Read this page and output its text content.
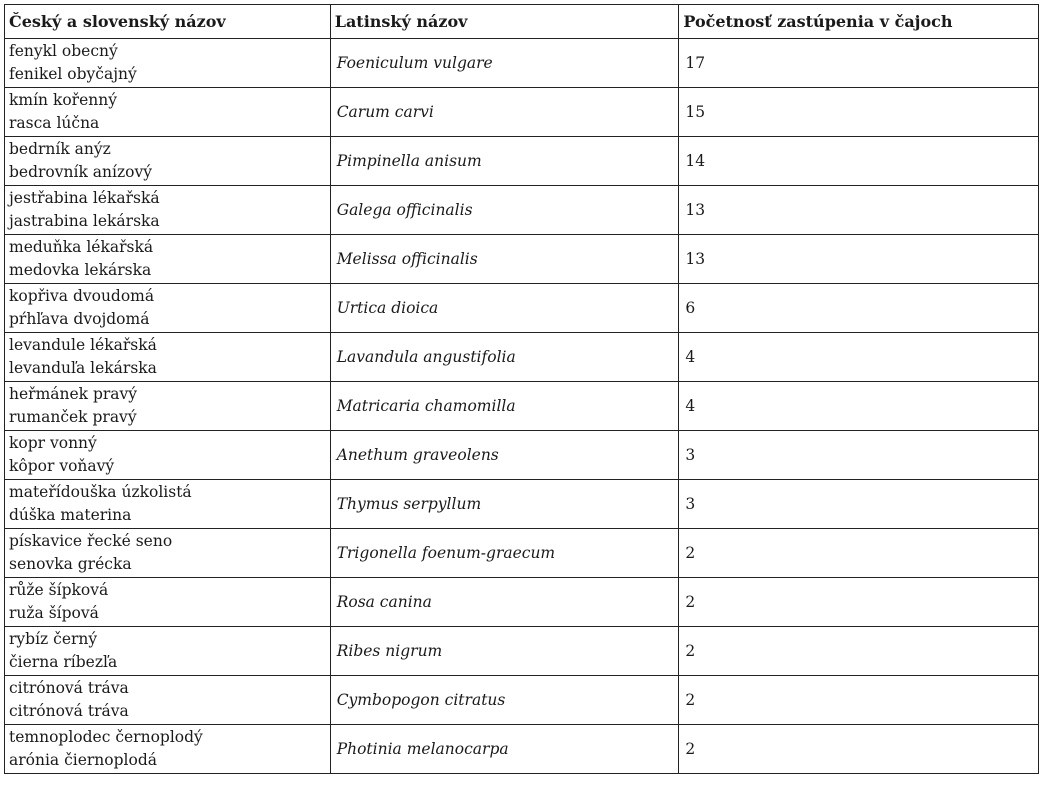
Český a slovenský názov	Latinský názov	Početnosť zastúpenia v čajoch

fenykl obecný
fenikel obyčajný	Foeniculum vulgare	17

kmín kořenný
rasca lúčna	Carum carvi	15

bedrník anýz
bedrovník anízový	Pimpinella anisum	14

jestřabina lékařská
jastrabina lekárska	Galega officinalis	13

meduňka lékařská
medovka lekárska	Melissa officinalis	13

kopřiva dvoudomá
pŕhľava dvojdomá	Urtica dioica	6

levandule lékařská
levanduľa lekárska	Lavandula angustifolia	4

heřmánek pravý
rumanček pravý	Matricaria chamomilla	4

kopr vonný
kôpor voňavý	Anethum graveolens	3

mateřídouška úzkolistá
dúška materina	Thymus serpyllum	3

pískavice řecké seno
senovka grécka	Trigonella foenum-graecum	2

růže šípková
ruža šípová	Rosa canina	2

rybíz černý
čierna ríbezľa	Ribes nigrum	2

citrónová tráva
citrónová tráva	Cymbopogon citratus	2

temnoplodec černoplodý
arónia čiernoplodá	Photinia melanocarpa	2
